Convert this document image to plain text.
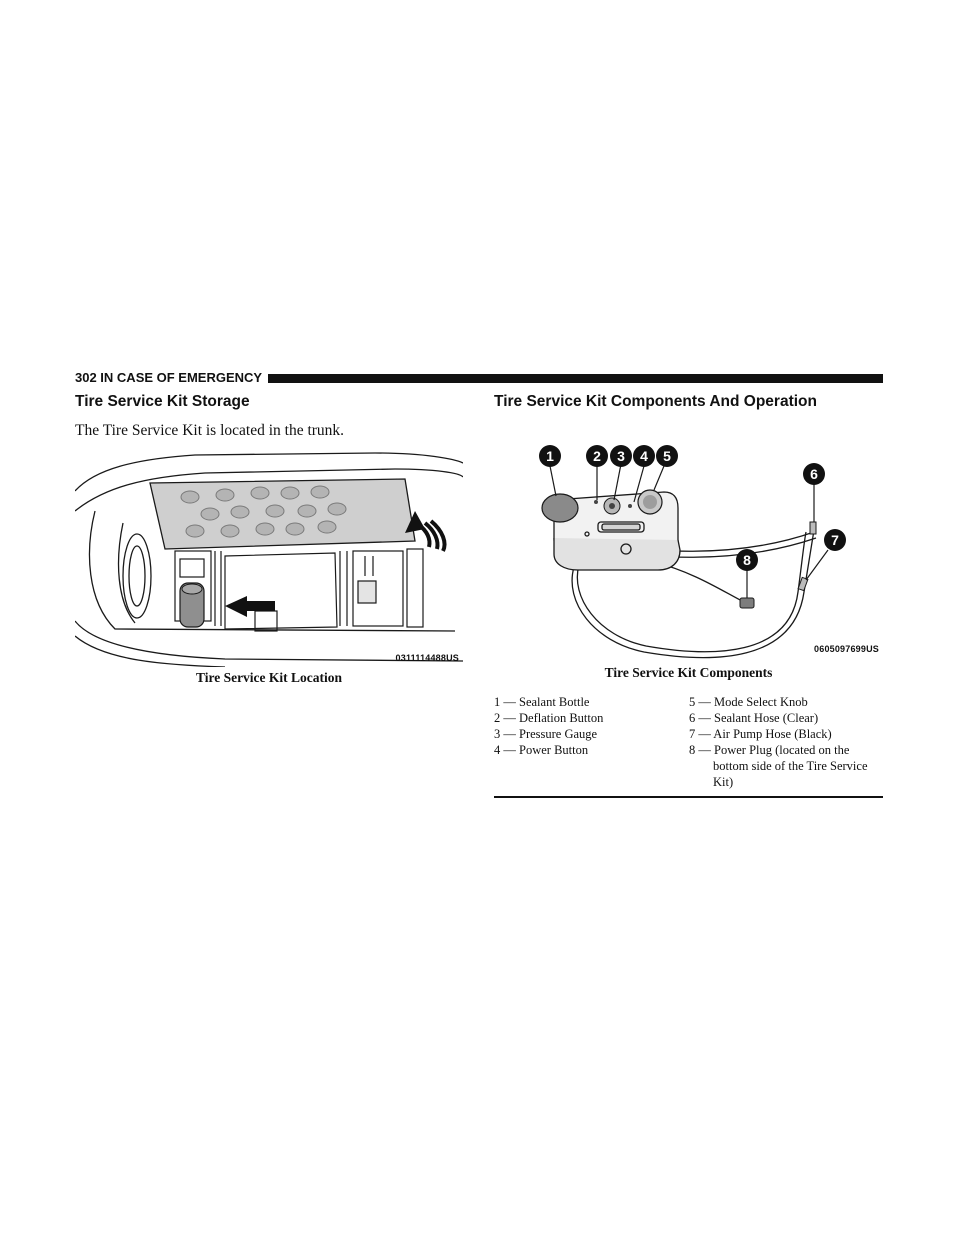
302 IN CASE OF EMERGENCY
Tire Service Kit Storage

The Tire Service Kit is located in the trunk.

0311114488US
Tire Service Kit Location
Tire Service Kit Components And Operation
1	2 3 4 5
6
7
8
0605097699US
Tire Service Kit Components
1 — Sealant Bottle	5 — Mode Select Knob
2 — Deflation Button	6 — Sealant Hose (Clear)
3 — Pressure Gauge	7 — Air Pump Hose (Black)
4 — Power Button	8 — Power Plug (located on the bottom side of the Tire Service Kit)
